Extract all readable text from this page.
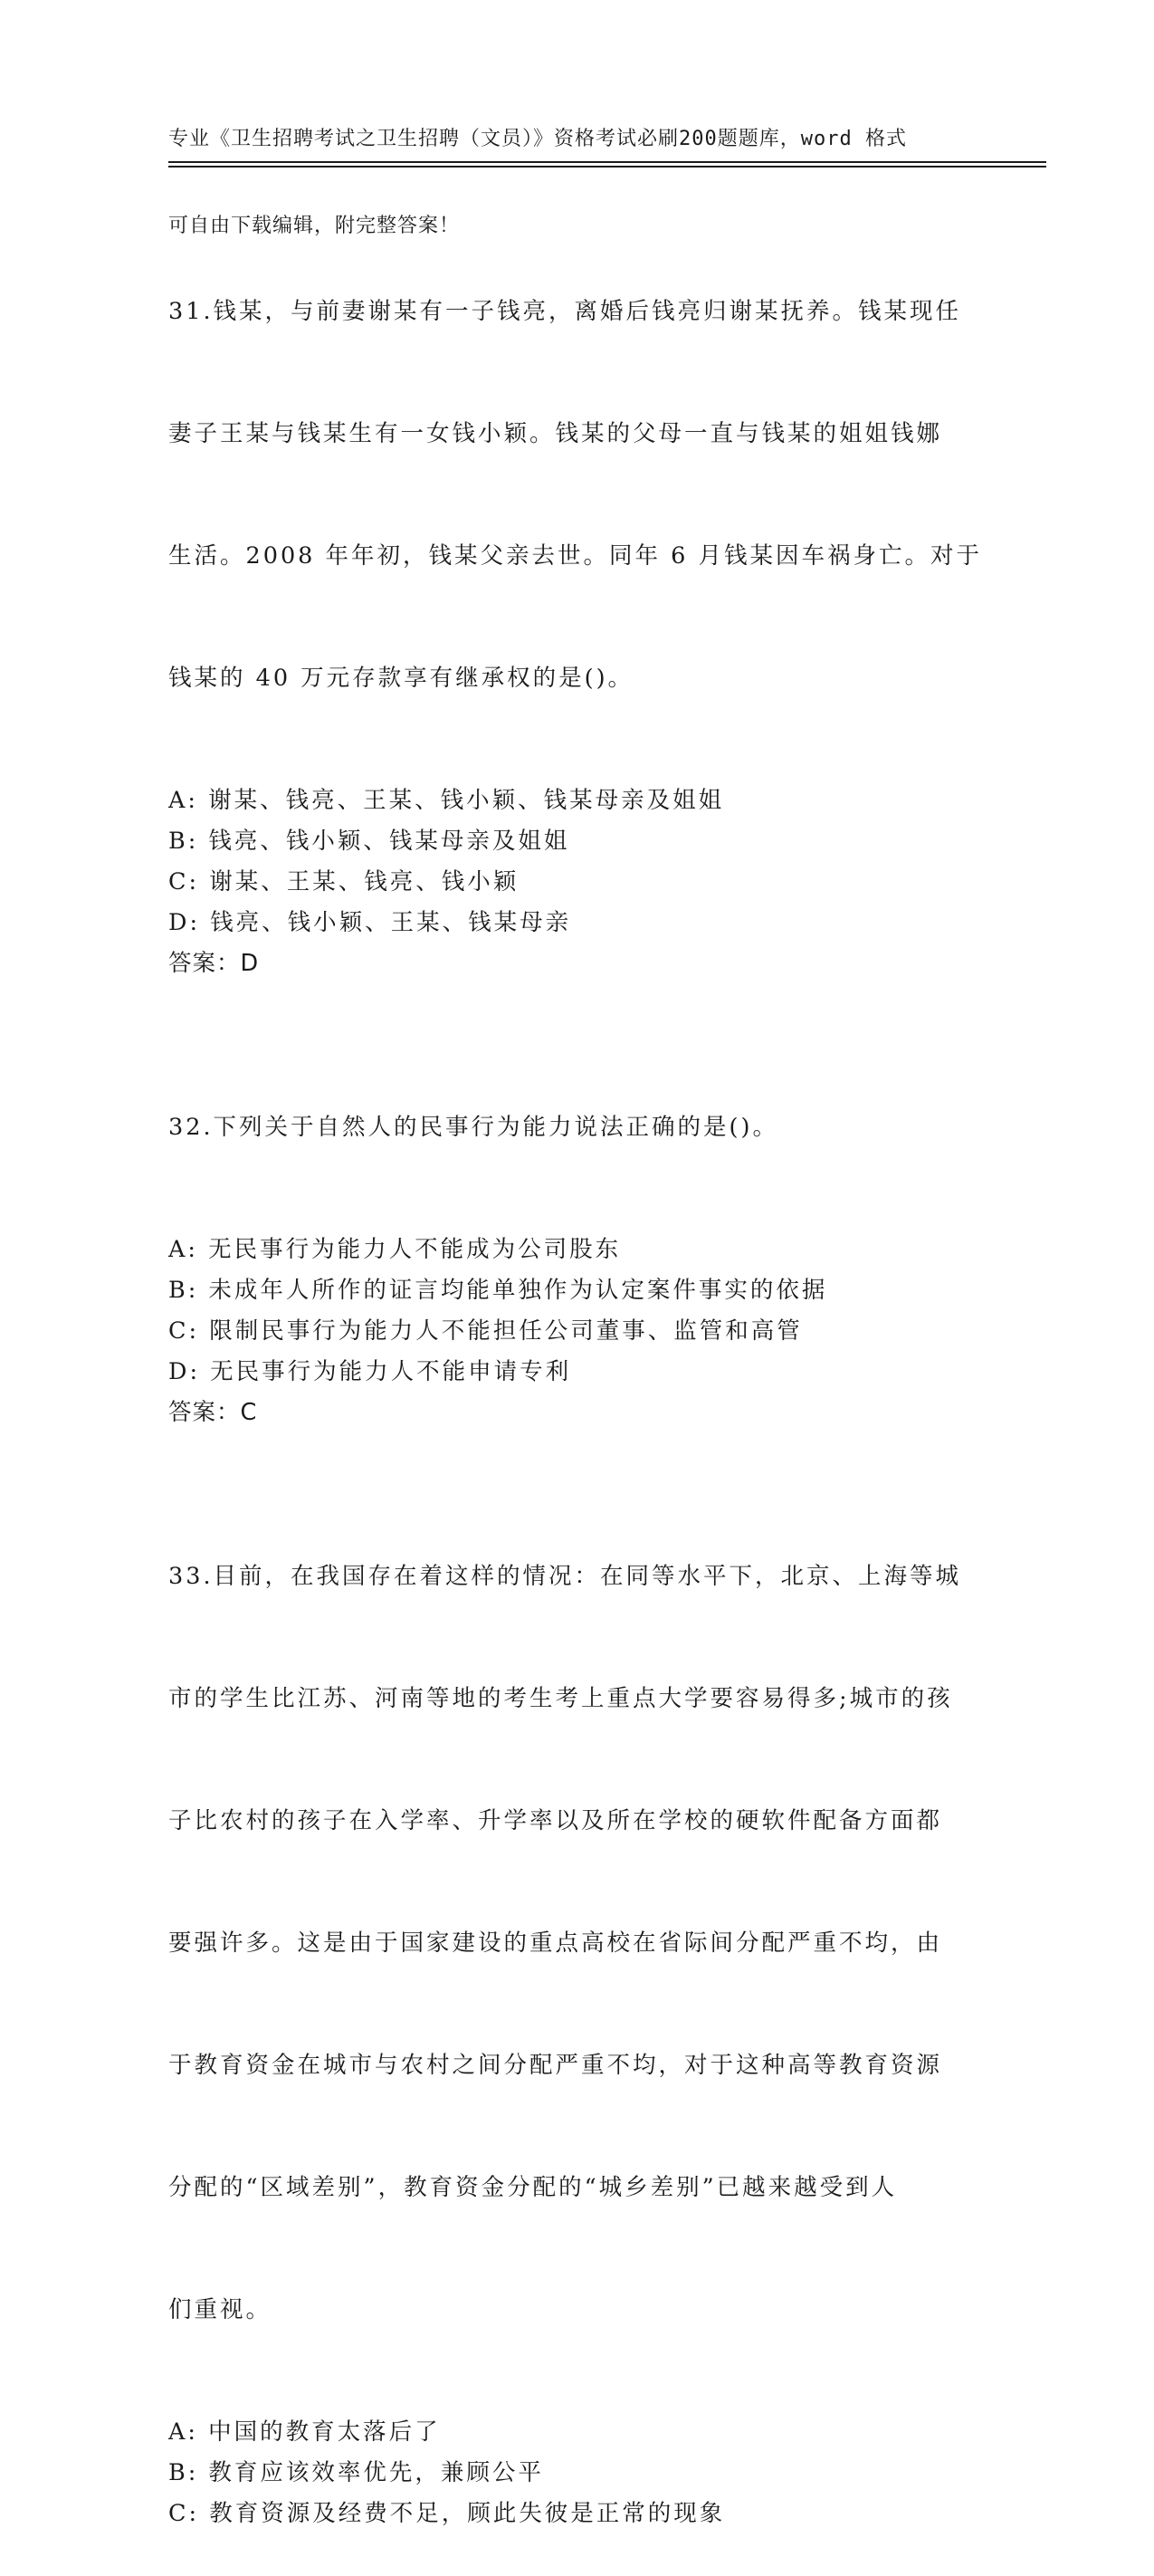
专业《卫生招聘考试之卫生招聘（文员）》资格考试必刷200题题库，word 格式

可自由下载编辑，附完整答案！

31.钱某，与前妻谢某有一子钱亮，离婚后钱亮归谢某抚养。钱某现任

妻子王某与钱某生有一女钱小颖。钱某的父母一直与钱某的姐姐钱娜

生活。2008 年年初，钱某父亲去世。同年 6 月钱某因车祸身亡。对于

钱某的 40 万元存款享有继承权的是()。

A: 谢某、钱亮、王某、钱小颖、钱某母亲及姐姐
B: 钱亮、钱小颖、钱某母亲及姐姐
C: 谢某、王某、钱亮、钱小颖
D: 钱亮、钱小颖、王某、钱某母亲
答案：D

32.下列关于自然人的民事行为能力说法正确的是()。

A: 无民事行为能力人不能成为公司股东
B: 未成年人所作的证言均能单独作为认定案件事实的依据
C: 限制民事行为能力人不能担任公司董事、监管和高管
D: 无民事行为能力人不能申请专利
答案：C

33.目前，在我国存在着这样的情况：在同等水平下，北京、上海等城

市的学生比江苏、河南等地的考生考上重点大学要容易得多;城市的孩

子比农村的孩子在入学率、升学率以及所在学校的硬软件配备方面都

要强许多。这是由于国家建设的重点高校在省际间分配严重不均，由

于教育资金在城市与农村之间分配严重不均，对于这种高等教育资源

分配的“区域差别”，教育资金分配的“城乡差别”已越来越受到人

们重视。

A: 中国的教育太落后了
B: 教育应该效率优先，兼顾公平
C: 教育资源及经费不足，顾此失彼是正常的现象
